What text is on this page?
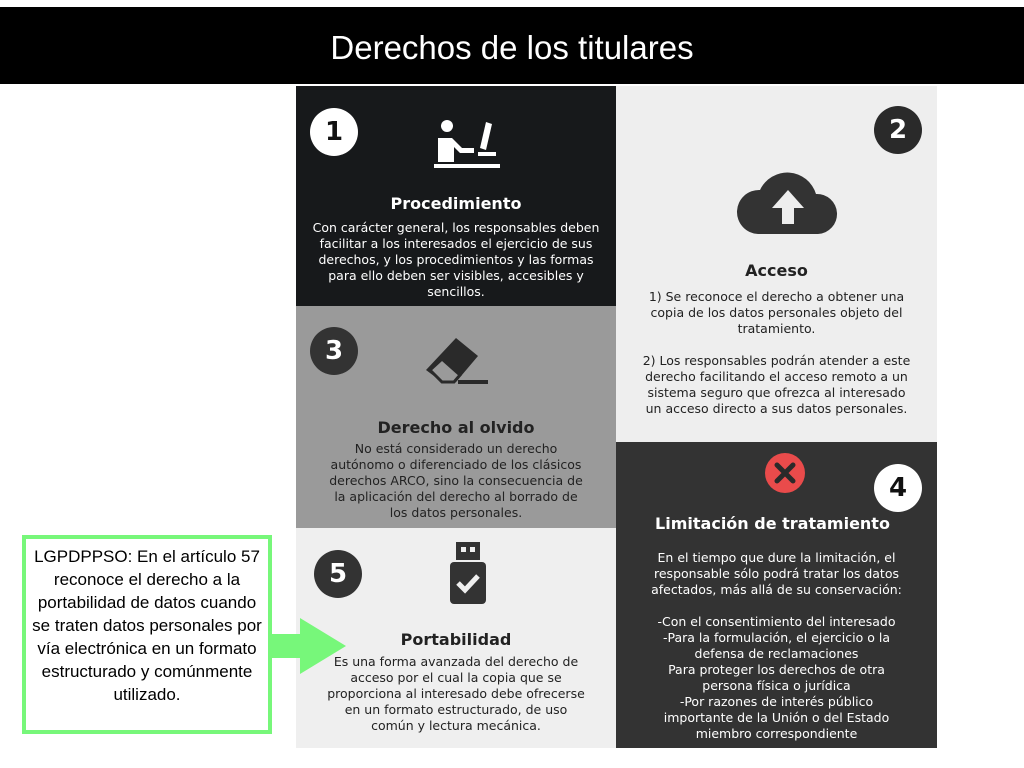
Derechos de los titulares
1
Procedimiento
Con carácter general, los responsables deben
facilitar a los interesados el ejercicio de sus
derechos, y los procedimientos y las formas
para ello deben ser visibles, accesibles y
sencillos.
2
Acceso
1) Se reconoce el derecho a obtener una
copia de los datos personales objeto del
tratamiento.

2) Los responsables podrán atender a este
derecho facilitando el acceso remoto a un
sistema seguro que ofrezca al interesado
un acceso directo a sus datos personales.
3
Derecho al olvido
No está considerado un derecho
autónomo o diferenciado de los clásicos
derechos ARCO, sino la consecuencia de
la aplicación del derecho al borrado de
los datos personales.
4
Limitación de tratamiento
En el tiempo que dure la limitación, el
responsable sólo podrá tratar los datos
afectados, más allá de su conservación:

-Con el consentimiento del interesado
-Para la formulación, el ejercicio o la
defensa de reclamaciones
Para proteger los derechos de otra
persona física o jurídica
-Por razones de interés público
importante de la Unión o del Estado
miembro correspondiente
5
Portabilidad
Es una forma avanzada del derecho de
acceso por el cual la copia que se
proporciona al interesado debe ofrecerse
en un formato estructurado, de uso
común y lectura mecánica.
LGPDPPSO: En el artículo 57 reconoce el derecho a la portabilidad de datos cuando se traten datos personales por vía electrónica en un formato estructurado y comúnmente utilizado.
